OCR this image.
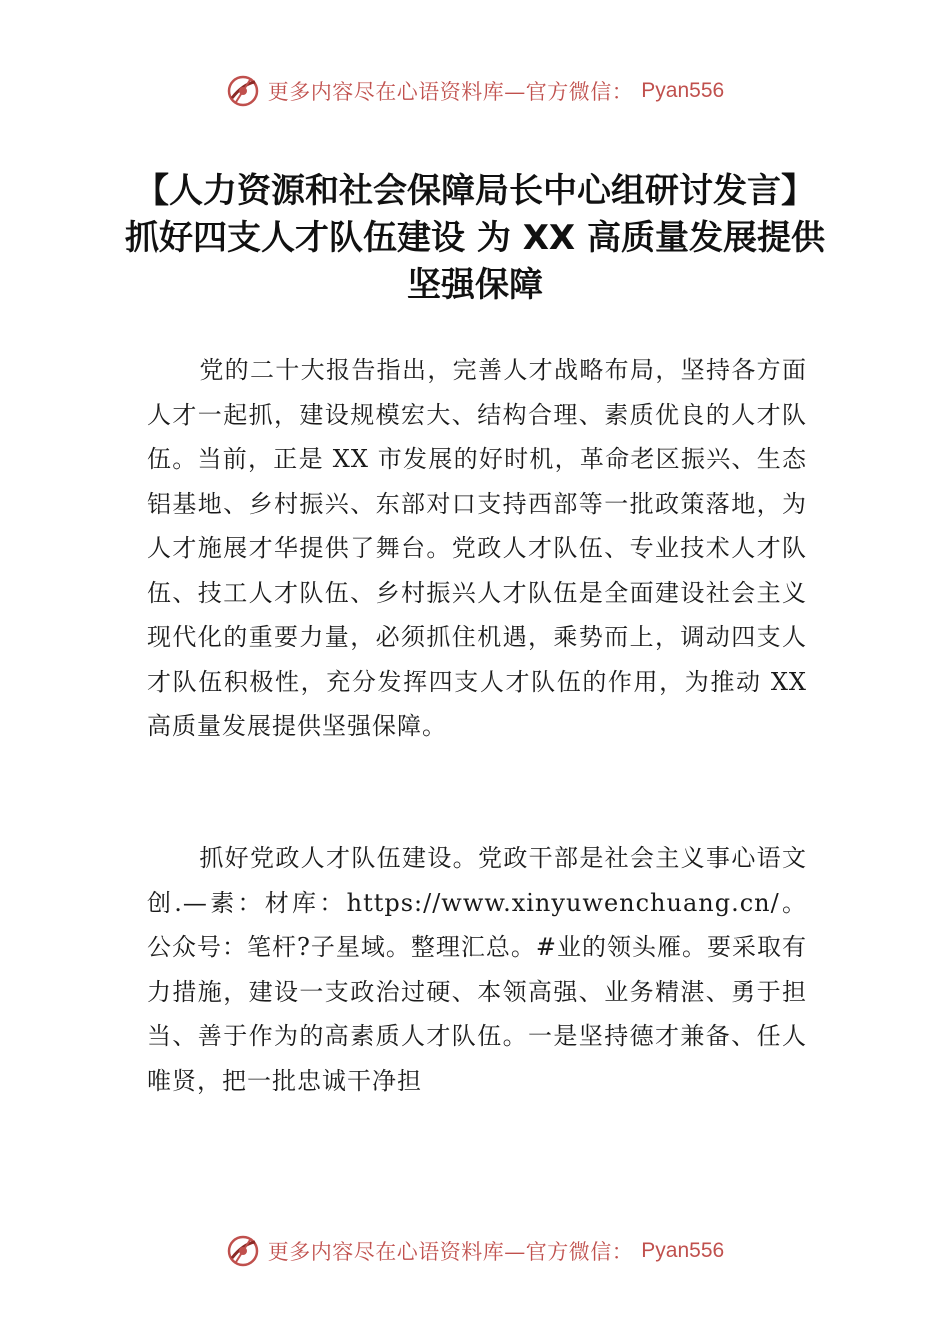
更多内容尽在心语资料库—官方微信： Pyan556
【人力资源和社会保障局长中心组研讨发言】抓好四支人才队伍建设 为 XX 高质量发展提供坚强保障
党的二十大报告指出，完善人才战略布局，坚持各方面人才一起抓，建设规模宏大、结构合理、素质优良的人才队伍。当前，正是 XX 市发展的好时机，革命老区振兴、生态铝基地、乡村振兴、东部对口支持西部等一批政策落地，为人才施展才华提供了舞台。党政人才队伍、专业技术人才队伍、技工人才队伍、乡村振兴人才队伍是全面建设社会主义现代化的重要力量，必须抓住机遇，乘势而上，调动四支人才队伍积极性，充分发挥四支人才队伍的作用，为推动 XX 高质量发展提供坚强保障。
抓好党政人才队伍建设。党政干部是社会主义事心语文创.—素：材库：https://www.xinyuwenchuang.cn/。公众号：笔杆?子星域。整理汇总。#业的领头雁。要采取有力措施，建设一支政治过硬、本领高强、业务精湛、勇于担当、善于作为的高素质人才队伍。一是坚持德才兼备、任人唯贤，把一批忠诚干净担
更多内容尽在心语资料库—官方微信： Pyan556
